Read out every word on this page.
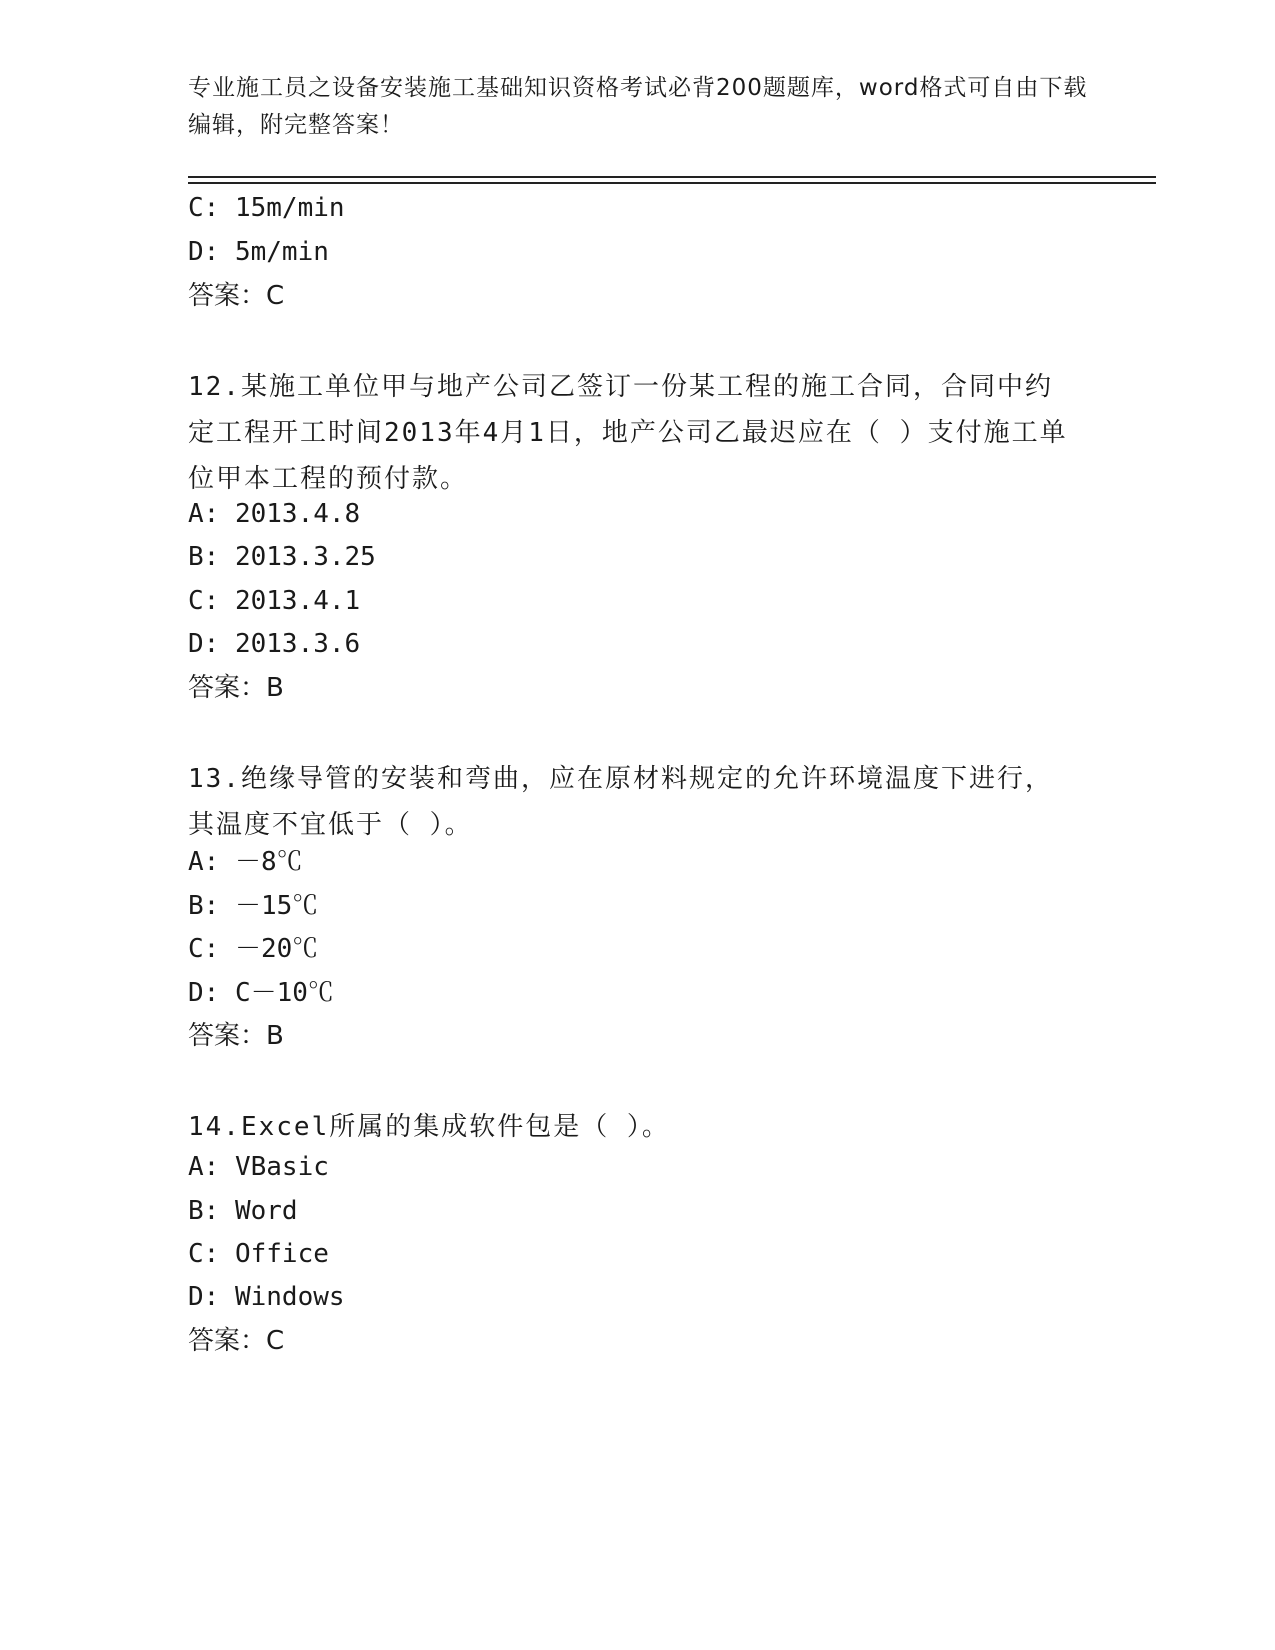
专业施工员之设备安装施工基础知识资格考试必背200题题库，word格式可自由下载编辑，附完整答案！
C: 15m/min
D: 5m/min
答案：C
12.某施工单位甲与地产公司乙签订一份某工程的施工合同，合同中约定工程开工时间2013年4月1日，地产公司乙最迟应在（ ）支付施工单位甲本工程的预付款。
A: 2013.4.8
B: 2013.3.25
C: 2013.4.1
D: 2013.3.6
答案：B
13.绝缘导管的安装和弯曲，应在原材料规定的允许环境温度下进行，其温度不宜低于（ ）。
A: －8℃
B: －15℃
C: －20℃
D: C－10℃
答案：B
14.Excel所属的集成软件包是（ ）。
A: VBasic
B: Word
C: Office
D: Windows
答案：C
